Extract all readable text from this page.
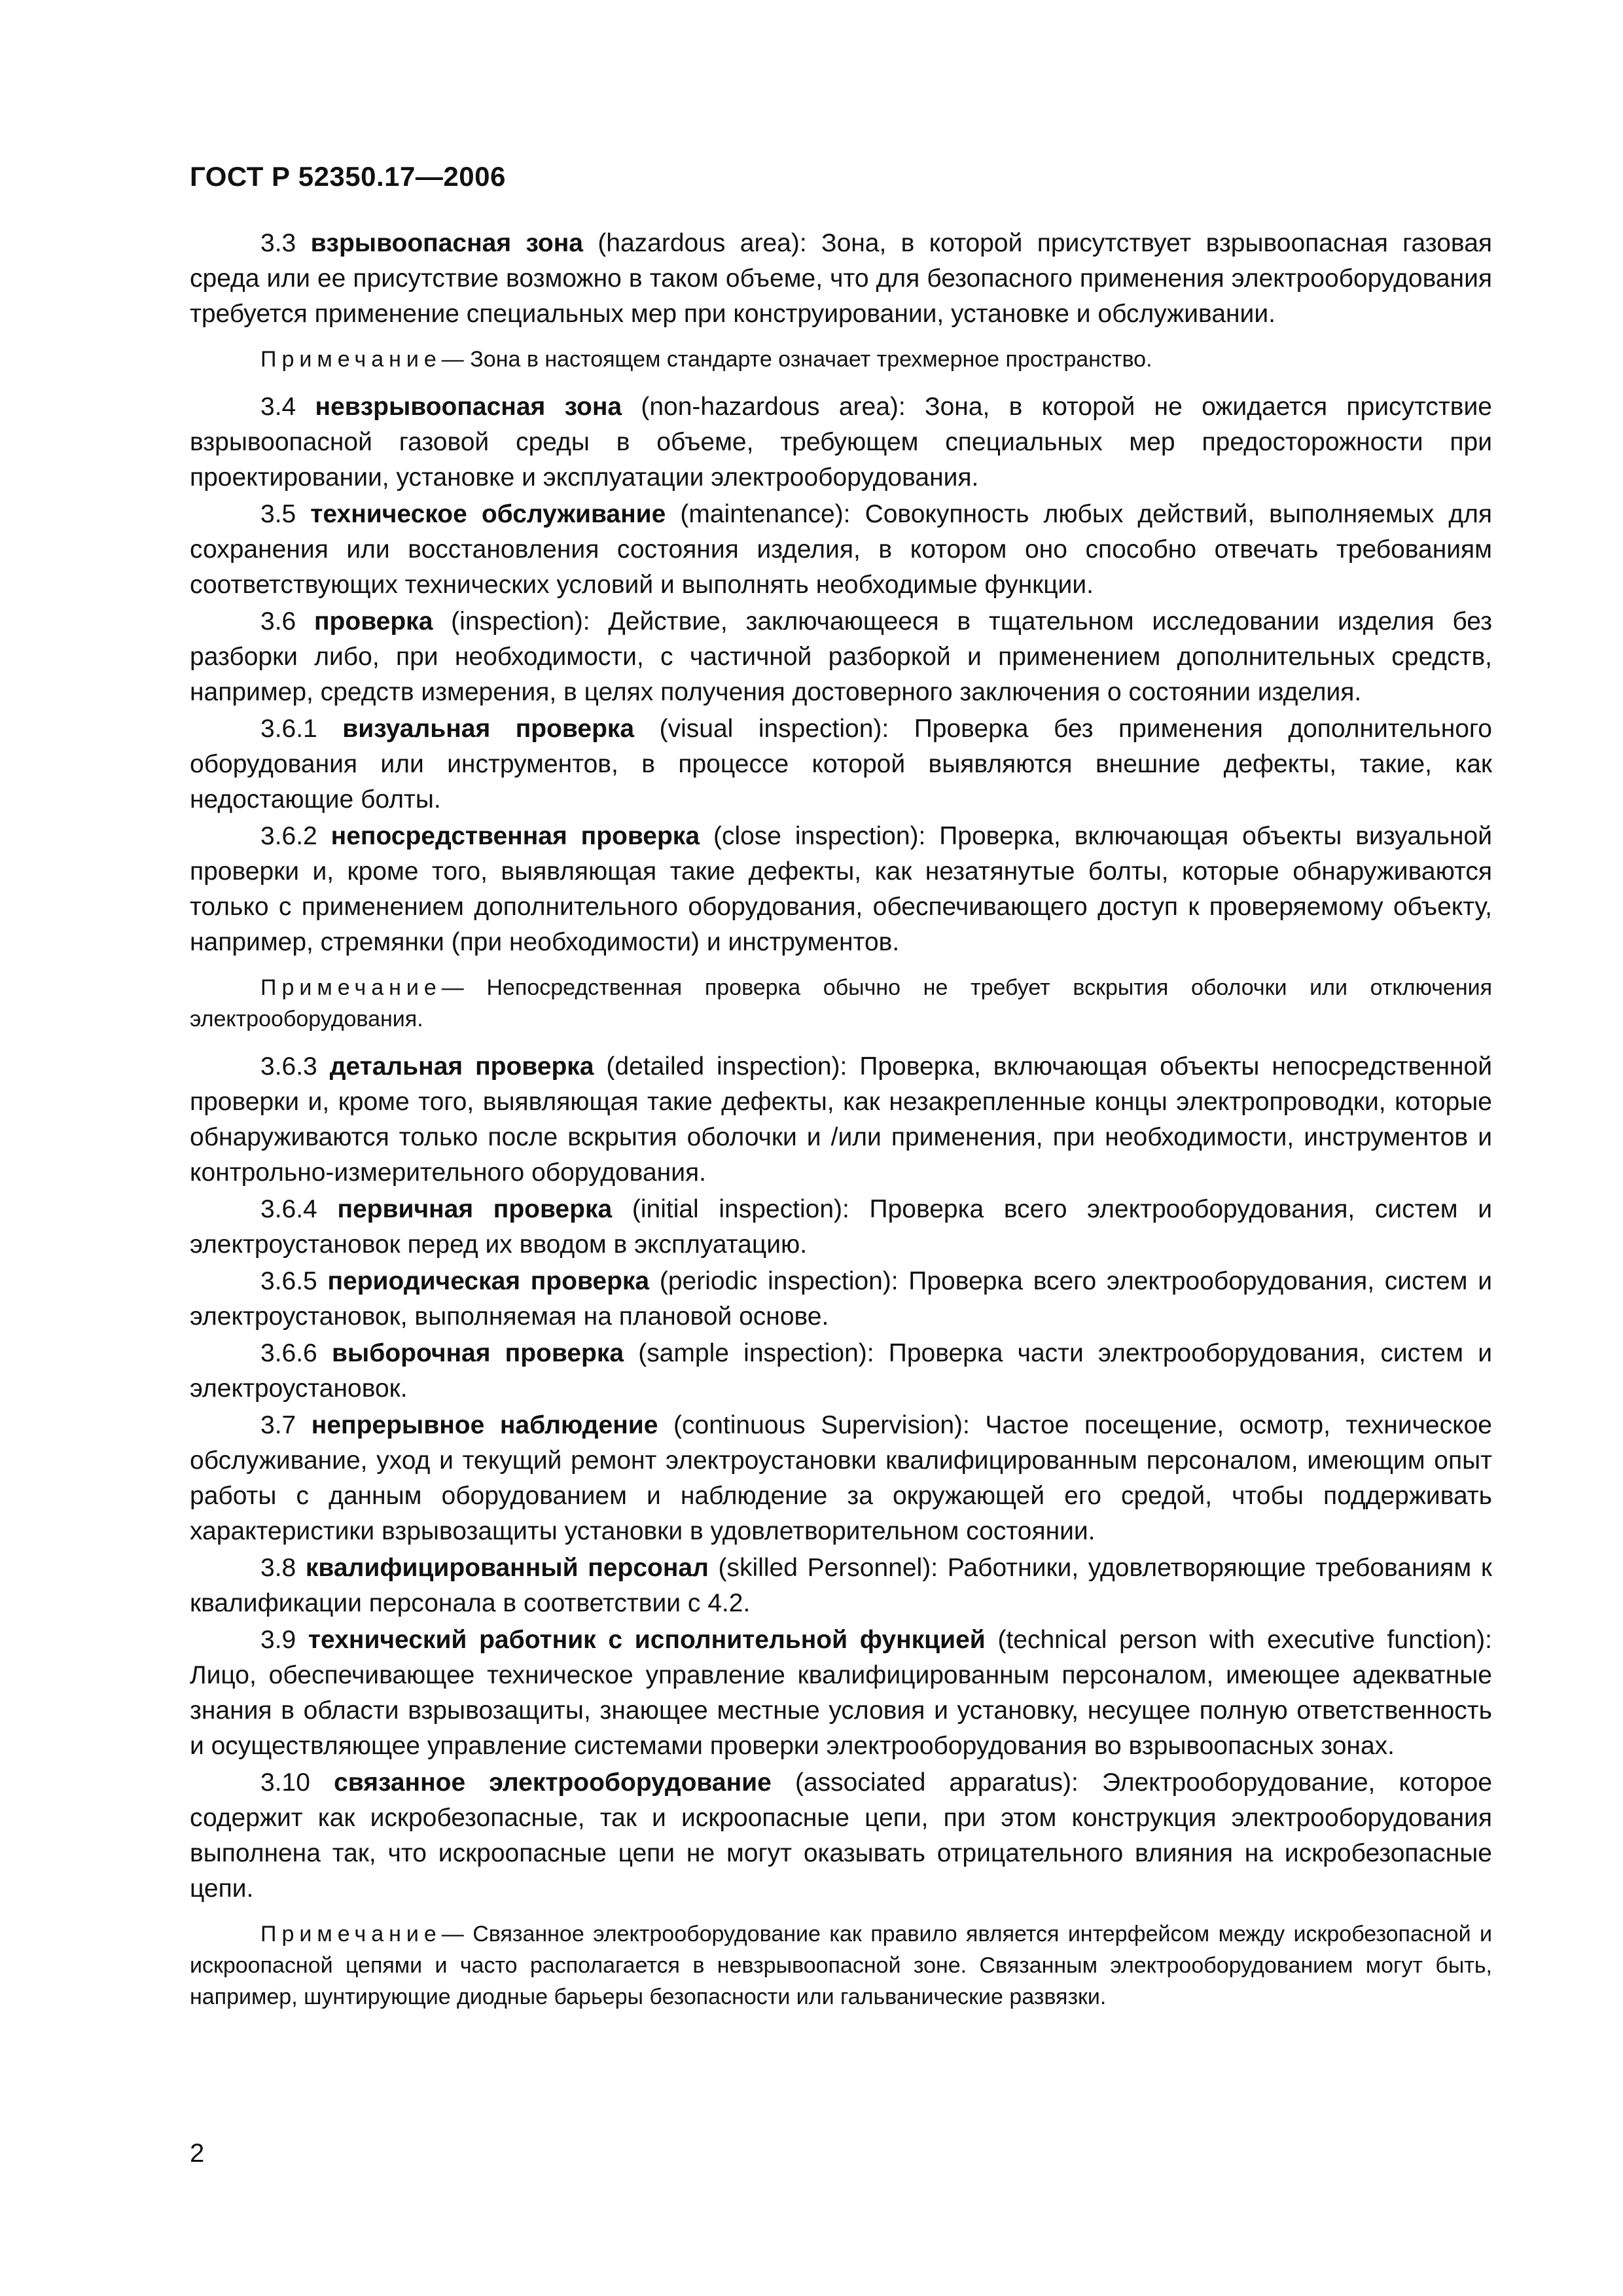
ГОСТ Р 52350.17—2006

3.3 взрывоопасная зона (hazardous area): Зона, в которой присутствует взрывоопасная газовая среда или ее присутствие возможно в таком объеме, что для безопасного применения электрооборудования требуется применение специальных мер при конструировании, установке и обслуживании.

Примечание— Зона в настоящем стандарте означает трехмерное пространство.

3.4 невзрывоопасная зона (non-hazardous area): Зона, в которой не ожидается присутствие взрывоопасной газовой среды в объеме, требующем специальных мер предосторожности при проектировании, установке и эксплуатации электрооборудования.

3.5 техническое обслуживание (maintenance): Совокупность любых действий, выполняемых для сохранения или восстановления состояния изделия, в котором оно способно отвечать требованиям соответствующих технических условий и выполнять необходимые функции.

3.6 проверка (inspection): Действие, заключающееся в тщательном исследовании изделия без разборки либо, при необходимости, с частичной разборкой и применением дополнительных средств, например, средств измерения, в целях получения достоверного заключения о состоянии изделия.

3.6.1 визуальная проверка (visual inspection): Проверка без применения дополнительного оборудования или инструментов, в процессе которой выявляются внешние дефекты, такие, как недостающие болты.

3.6.2 непосредственная проверка (close inspection): Проверка, включающая объекты визуальной проверки и, кроме того, выявляющая такие дефекты, как незатянутые болты, которые обнаруживаются только с применением дополнительного оборудования, обеспечивающего доступ к проверяемому объекту, например, стремянки (при необходимости) и инструментов.

Примечание— Непосредственная проверка обычно не требует вскрытия оболочки или отключения электрооборудования.

3.6.3 детальная проверка (detailed inspection): Проверка, включающая объекты непосредственной проверки и, кроме того, выявляющая такие дефекты, как незакрепленные концы электропроводки, которые обнаруживаются только после вскрытия оболочки и /или применения, при необходимости, инструментов и контрольно-измерительного оборудования.

3.6.4 первичная проверка (initial inspection): Проверка всего электрооборудования, систем и электроустановок перед их вводом в эксплуатацию.

3.6.5 периодическая проверка (periodic inspection): Проверка всего электрооборудования, систем и электроустановок, выполняемая на плановой основе.

3.6.6 выборочная проверка (sample inspection): Проверка части электрооборудования, систем и электроустановок.

3.7 непрерывное наблюдение (continuous Supervision): Частое посещение, осмотр, техническое обслуживание, уход и текущий ремонт электроустановки квалифицированным персоналом, имеющим опыт работы с данным оборудованием и наблюдение за окружающей его средой, чтобы поддерживать характеристики взрывозащиты установки в удовлетворительном состоянии.

3.8 квалифицированный персонал (skilled Personnel): Работники, удовлетворяющие требованиям к квалификации персонала в соответствии с 4.2.

3.9 технический работник с исполнительной функцией (technical person with executive function): Лицо, обеспечивающее техническое управление квалифицированным персоналом, имеющее адекватные знания в области взрывозащиты, знающее местные условия и установку, несущее полную ответственность и осуществляющее управление системами проверки электрооборудования во взрывоопасных зонах.

3.10 связанное электрооборудование (associated apparatus): Электрооборудование, которое содержит как искробезопасные, так и искроопасные цепи, при этом конструкция электрооборудования выполнена так, что искроопасные цепи не могут оказывать отрицательного влияния на искробезопасные цепи.

Примечание— Связанное электрооборудование как правило является интерфейсом между искробезопасной и искроопасной цепями и часто располагается в невзрывоопасной зоне. Связанным электрооборудованием могут быть, например, шунтирующие диодные барьеры безопасности или гальванические развязки.

2
